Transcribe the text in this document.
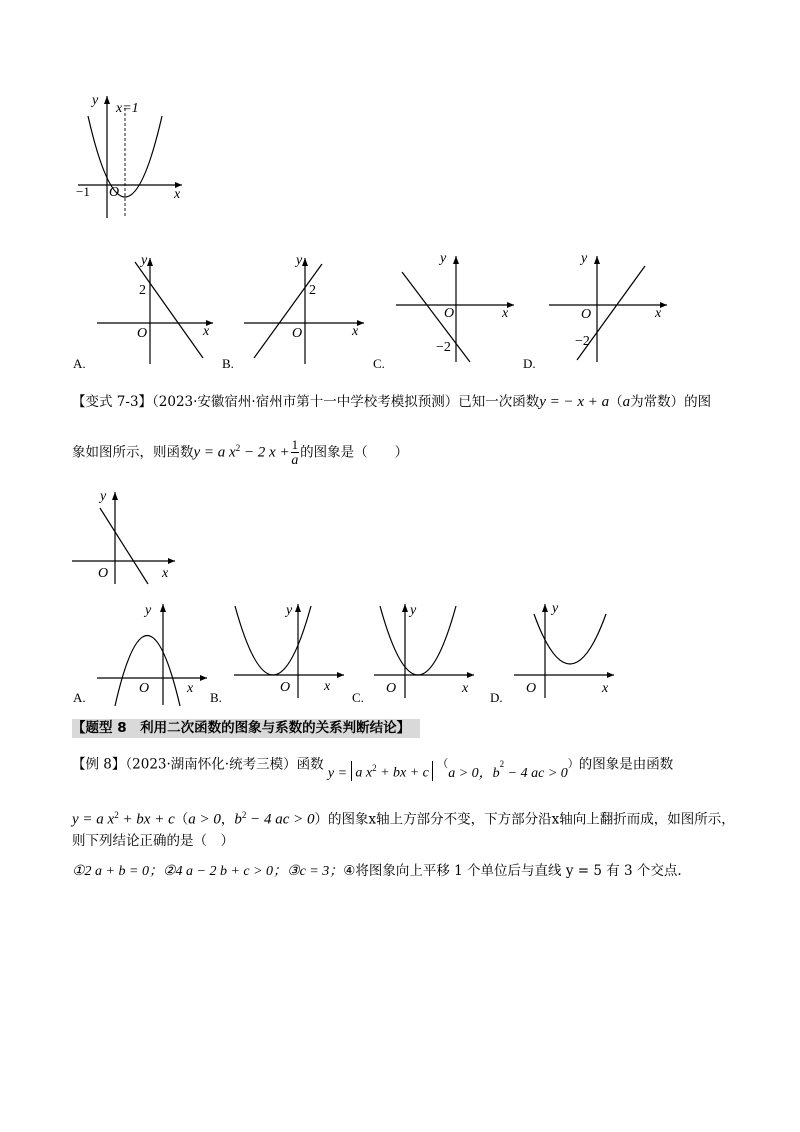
y
x=1
x
O
−1
y
x
O
2
A.
y
x
O
2
B.
y
x
O
−2
C.
y
x
O
−2
D.
【变式 7-3】（2023·安徽宿州·宿州市第十一中学校考模拟预测）已知一次函数y = − x + a（a为常数）的图
象如图所示，则函数y = a $x^2 - 2$ $x + \frac{1}{a}$ 的图象是（　　）
y
x
O
y
x
O
A.
y
x
O
B.
y
x
O
C.
y
x
O
D.
【题型 8　利用二次函数的图象与系数的关系判断结论】
【例 8】（2023·湖南怀化·统考三模）函数 y = a $x^2$ + bx + c （a > 0，$b^2 - 4$ ac > 0）的图象是由函数
y = a $x^2$ + bx + c（a > 0，$b^2 - 4$ ac > 0）的图象x轴上方部分不变，下方部分沿x轴向上翻折而成，如图所示，
则下列结论正确的是（　）
①2 a + b = 0；②4 a − 2 b + c > 0；③c = 3；④将图象向上平移 1 个单位后与直线 y = 5 有 3 个交点.
